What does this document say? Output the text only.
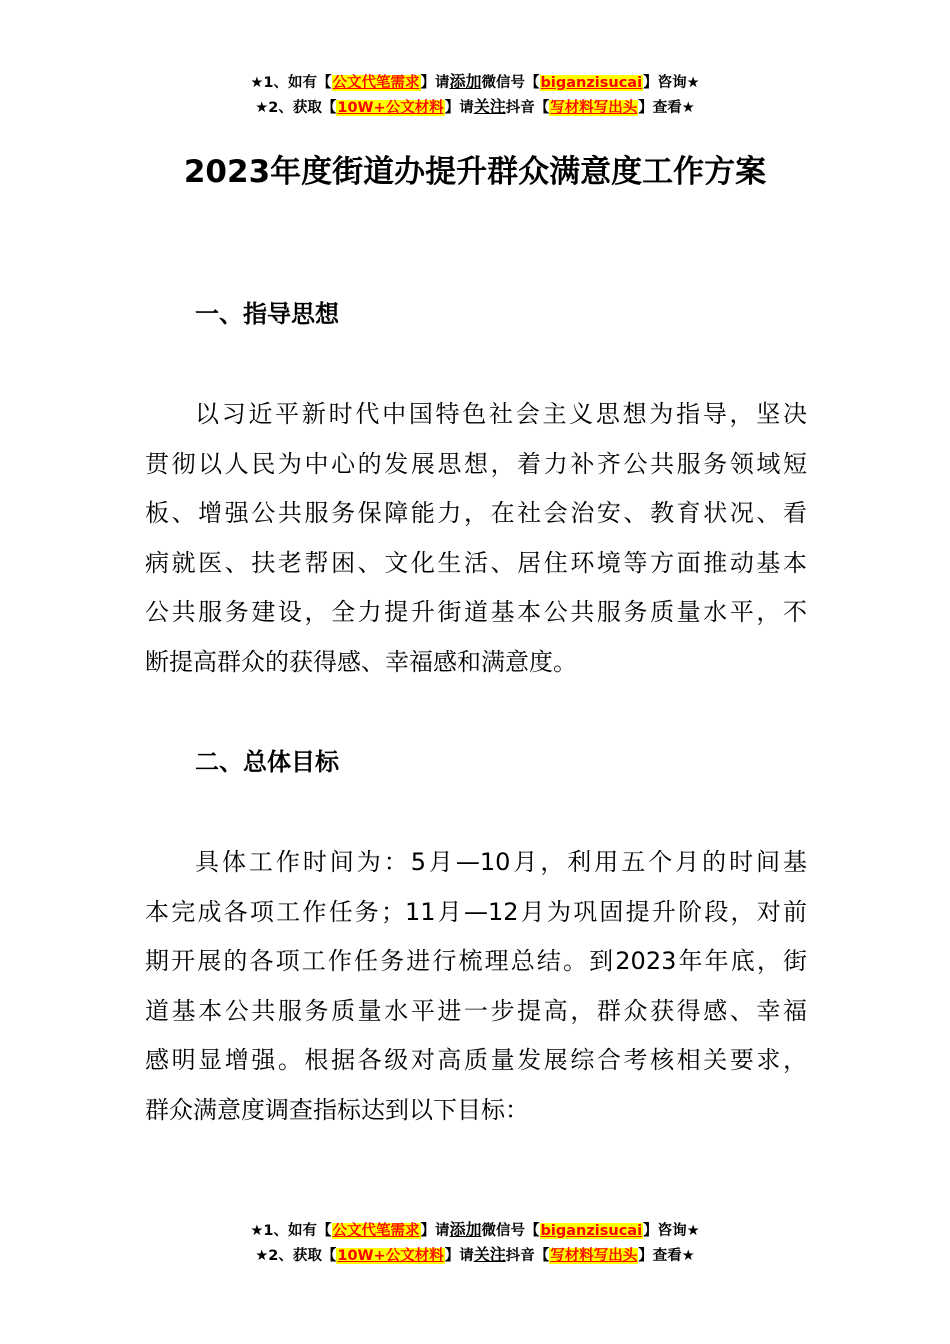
★1、如有【公文代笔需求】请添加微信号【biganzisucai】咨询★
★2、获取【10W+公文材料】请关注抖音【写材料写出头】查看★
2023年度街道办提升群众满意度工作方案
一、指导思想
以习近平新时代中国特色社会主义思想为指导，坚决
贯彻以人民为中心的发展思想，着力补齐公共服务领域短
板、增强公共服务保障能力，在社会治安、教育状况、看
病就医、扶老帮困、文化生活、居住环境等方面推动基本
公共服务建设，全力提升街道基本公共服务质量水平，不
断提高群众的获得感、幸福感和满意度。
二、总体目标
具体工作时间为：5月—10月，利用五个月的时间基
本完成各项工作任务；11月—12月为巩固提升阶段，对前
期开展的各项工作任务进行梳理总结。到2023年年底，街
道基本公共服务质量水平进一步提高，群众获得感、幸福
感明显增强。根据各级对高质量发展综合考核相关要求，
群众满意度调查指标达到以下目标：
★1、如有【公文代笔需求】请添加微信号【biganzisucai】咨询★
★2、获取【10W+公文材料】请关注抖音【写材料写出头】查看★
